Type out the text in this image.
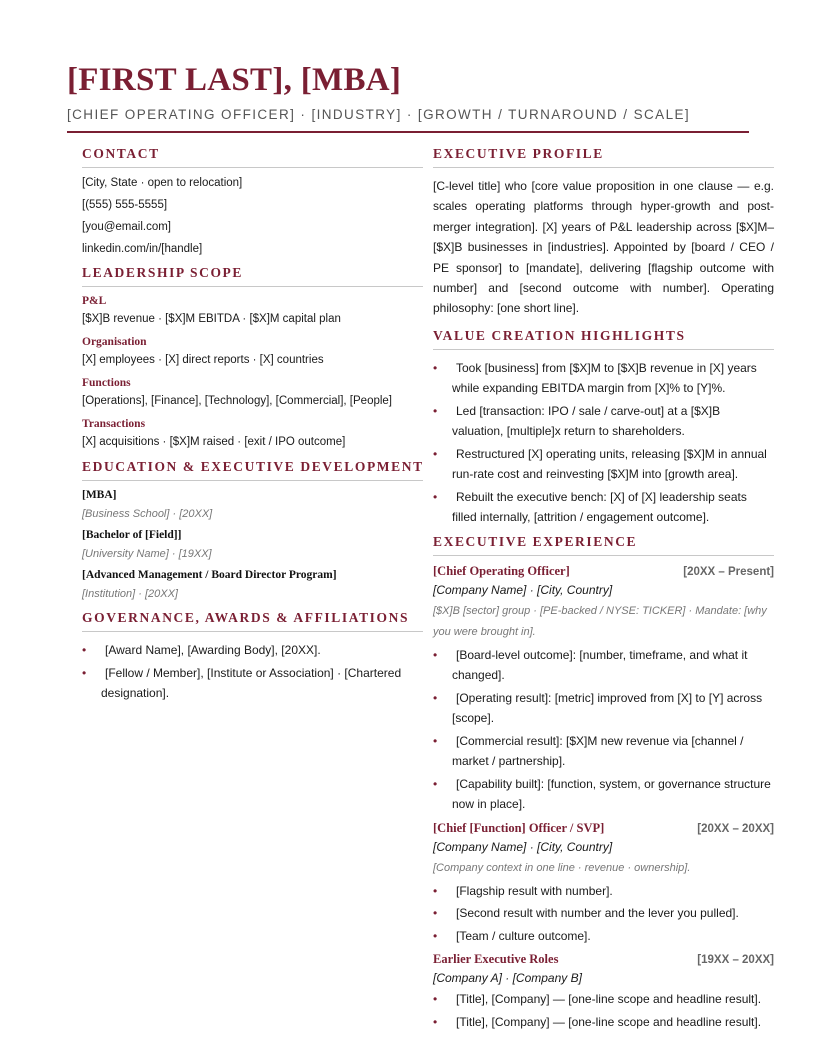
[FIRST LAST], [MBA]
[CHIEF OPERATING OFFICER] · [INDUSTRY] · [GROWTH / TURNAROUND / SCALE]
CONTACT
[City, State · open to relocation]
[(555) 555-5555]
[you@email.com]
linkedin.com/in/[handle]
LEADERSHIP SCOPE
P&L
[$X]B revenue · [$X]M EBITDA · [$X]M capital plan
Organisation
[X] employees · [X] direct reports · [X] countries
Functions
[Operations], [Finance], [Technology], [Commercial], [People]
Transactions
[X] acquisitions · [$X]M raised · [exit / IPO outcome]
EDUCATION & EXECUTIVE DEVELOPMENT
[MBA]
[Business School] · [20XX]
[Bachelor of [Field]]
[University Name] · [19XX]
[Advanced Management / Board Director Program]
[Institution] · [20XX]
GOVERNANCE, AWARDS & AFFILIATIONS
• [Award Name], [Awarding Body], [20XX].
• [Fellow / Member], [Institute or Association] · [Chartered designation].
EXECUTIVE PROFILE
[C-level title] who [core value proposition in one clause — e.g. scales operating platforms through hyper-growth and post-merger integration]. [X] years of P&L leadership across [$X]M–[$X]B businesses in [industries]. Appointed by [board / CEO / PE sponsor] to [mandate], delivering [flagship outcome with number] and [second outcome with number]. Operating philosophy: [one short line].
VALUE CREATION HIGHLIGHTS
• Took [business] from [$X]M to [$X]B revenue in [X] years while expanding EBITDA margin from [X]% to [Y]%.
• Led [transaction: IPO / sale / carve-out] at a [$X]B valuation, [multiple]x return to shareholders.
• Restructured [X] operating units, releasing [$X]M in annual run-rate cost and reinvesting [$X]M into [growth area].
• Rebuilt the executive bench: [X] of [X] leadership seats filled internally, [attrition / engagement outcome].
EXECUTIVE EXPERIENCE
[Chief Operating Officer]	[20XX – Present]
[Company Name] · [City, Country]
[$X]B [sector] group · [PE-backed / NYSE: TICKER] · Mandate: [why you were brought in].
• [Board-level outcome]: [number, timeframe, and what it changed].
• [Operating result]: [metric] improved from [X] to [Y] across [scope].
• [Commercial result]: [$X]M new revenue via [channel / market / partnership].
• [Capability built]: [function, system, or governance structure now in place].
[Chief [Function] Officer / SVP]	[20XX – 20XX]
[Company Name] · [City, Country]
[Company context in one line · revenue · ownership].
• [Flagship result with number].
• [Second result with number and the lever you pulled].
• [Team / culture outcome].
Earlier Executive Roles	[19XX – 20XX]
[Company A] · [Company B]
• [Title], [Company] — [one-line scope and headline result].
• [Title], [Company] — [one-line scope and headline result].
